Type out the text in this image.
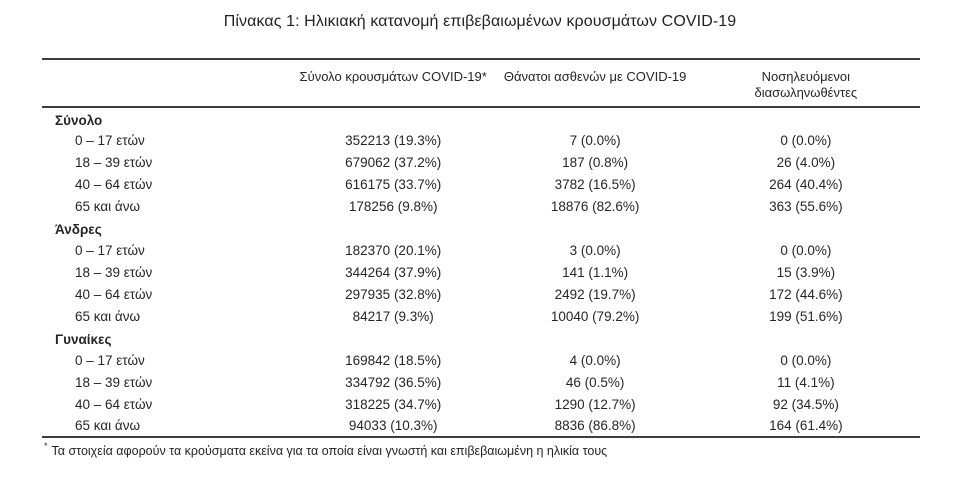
Πίνακας 1: Ηλικιακή κατανομή επιβεβαιωμένων κρουσμάτων COVID-19
	Σύνολο κρουσμάτων COVID-19*	Θάνατοι ασθενών με COVID-19	Νοσηλευόμενοι διασωληνωθέντες
Σύνολο			
0 – 17 ετών	352213 (19.3%)	7 (0.0%)	0 (0.0%)
18 – 39 ετών	679062 (37.2%)	187 (0.8%)	26 (4.0%)
40 – 64 ετών	616175 (33.7%)	3782 (16.5%)	264 (40.4%)
65 και άνω	178256 (9.8%)	18876 (82.6%)	363 (55.6%)
Άνδρες			
0 – 17 ετών	182370 (20.1%)	3 (0.0%)	0 (0.0%)
18 – 39 ετών	344264 (37.9%)	141 (1.1%)	15 (3.9%)
40 – 64 ετών	297935 (32.8%)	2492 (19.7%)	172 (44.6%)
65 και άνω	84217 (9.3%)	10040 (79.2%)	199 (51.6%)
Γυναίκες			
0 – 17 ετών	169842 (18.5%)	4 (0.0%)	0 (0.0%)
18 – 39 ετών	334792 (36.5%)	46 (0.5%)	11 (4.1%)
40 – 64 ετών	318225 (34.7%)	1290 (12.7%)	92 (34.5%)
65 και άνω	94033 (10.3%)	8836 (86.8%)	164 (61.4%)
* Τα στοιχεία αφορούν τα κρούσματα εκείνα για τα οποία είναι γνωστή και επιβεβαιωμένη η ηλικία τους
